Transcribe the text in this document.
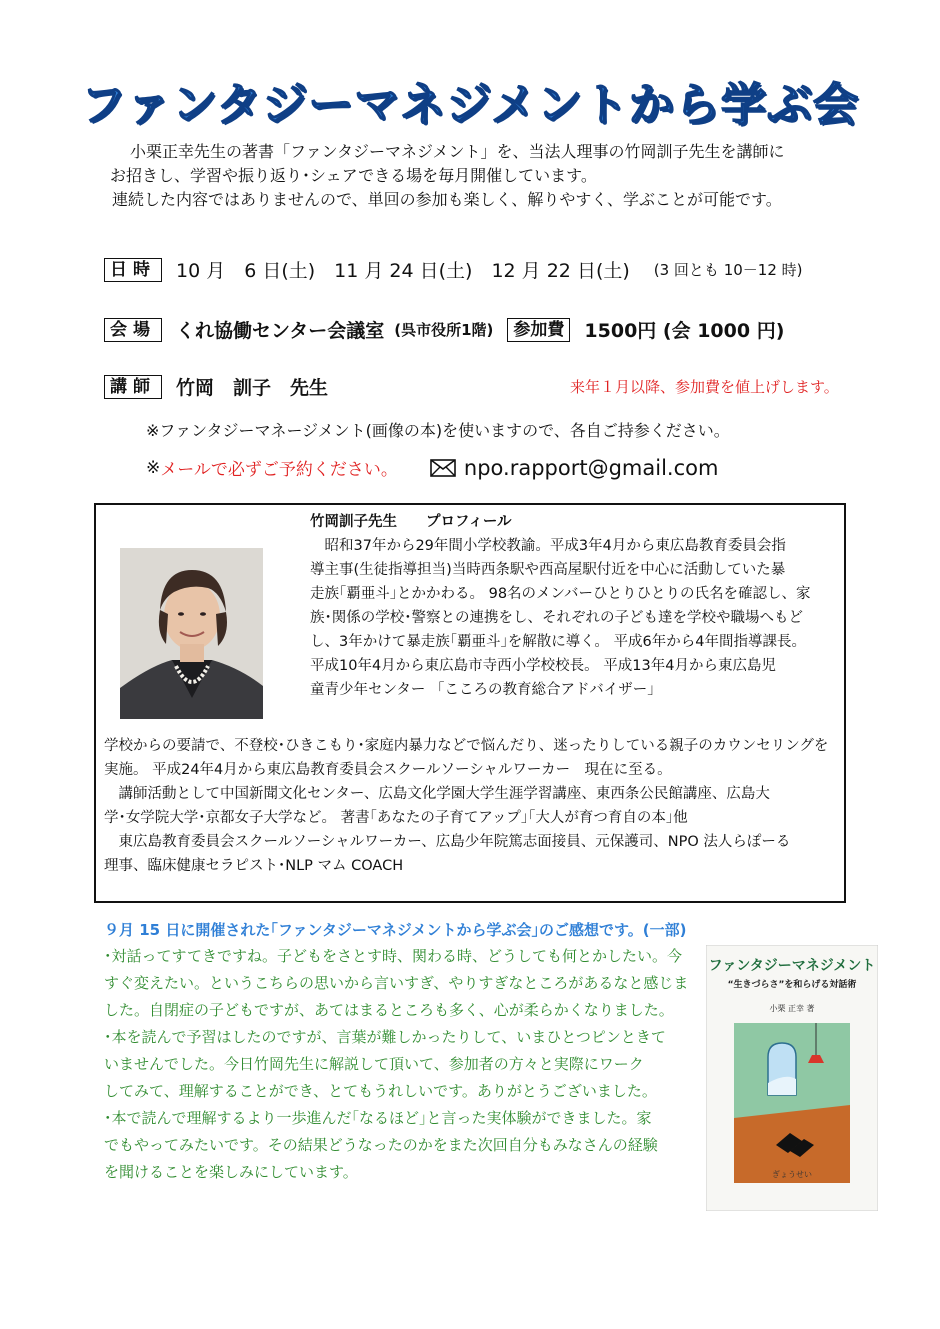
ファンタジーマネジメントから学ぶ会
小栗正幸先生の著書「ファンタジーマネジメント」を、当法人理事の竹岡訓子先生を講師に
お招きし、学習や振り返り･シェアできる場を毎月開催しています。
連続した内容ではありませんので、単回の参加も楽しく、解りやすく、学ぶことが可能です。
日時	10 月　6 日(土)　11 月 24 日(土)　12 月 22 日(土) (3 回とも 10－12 時)
会場	くれ協働センター会議室 (呉市役所1階)	参加費	1500円 (会 1000 円)
講師	竹岡　訓子　先生	来年１月以降、参加費を値上げします。
※ファンタジーマネージメント(画像の本)を使いますので、各自ご持参ください。
※ メールで必ずご予約ください。	npo.rapport@gmail.com
竹岡訓子先生　　プロフィール
　昭和37年から29年間小学校教諭。平成3年4月から東広島教育委員会指
導主事(生徒指導担当)当時西条駅や西高屋駅付近を中心に活動していた暴
走族｢覇亜斗｣とかかわる。 98名のメンバーひとりひとりの氏名を確認し、家
族･関係の学校･警察との連携をし、それぞれの子ども達を学校や職場へもど
し、3年かけて暴走族｢覇亜斗｣を解散に導く。 平成6年から4年間指導課長。
平成10年4月から東広島市寺西小学校校長。 平成13年4月から東広島児
童青少年センター 「こころの教育総合アドバイザー」
学校からの要請で、不登校･ひきこもり･家庭内暴力などで悩んだり、迷ったりしている親子のカウンセリングを
実施。 平成24年4月から東広島教育委員会スクールソーシャルワーカー　現在に至る。
　講師活動として中国新聞文化センター、広島文化学園大学生涯学習講座、東西条公民館講座、広島大
学･女学院大学･京都女子大学など。 著書｢あなたの子育てアップ｣｢大人が育つ育自の本｣他
　東広島教育委員会スクールソーシャルワーカー、広島少年院篤志面接員、元保護司、NPO 法人らぽーる
理事、臨床健康セラピスト･NLP マム COACH
９月 15 日に開催された｢ファンタジーマネジメントから学ぶ会｣のご感想です。(一部)
･対話ってすてきですね。子どもをさとす時、関わる時、どうしても何とかしたい。今
すぐ変えたい。というこちらの思いから言いすぎ、やりすぎなところがあるなと感じま
した。自閉症の子どもですが、あてはまるところも多く、心が柔らかくなりました。
･本を読んで予習はしたのですが、言葉が難しかったりして、いまひとつピンときて
いませんでした。今日竹岡先生に解説して頂いて、参加者の方々と実際にワーク
してみて、理解することができ、とてもうれしいです。ありがとうございました。
･本で読んで理解するより一歩進んだ｢なるほど｣と言った実体験ができました。家
でもやってみたいです。その結果どうなったのかをまた次回自分もみなさんの経験
を聞けることを楽しみにしています。	ぎょうせい
ファンタジーマネジメント
“生きづらさ”を和らげる対話術
小栗 正幸 著
